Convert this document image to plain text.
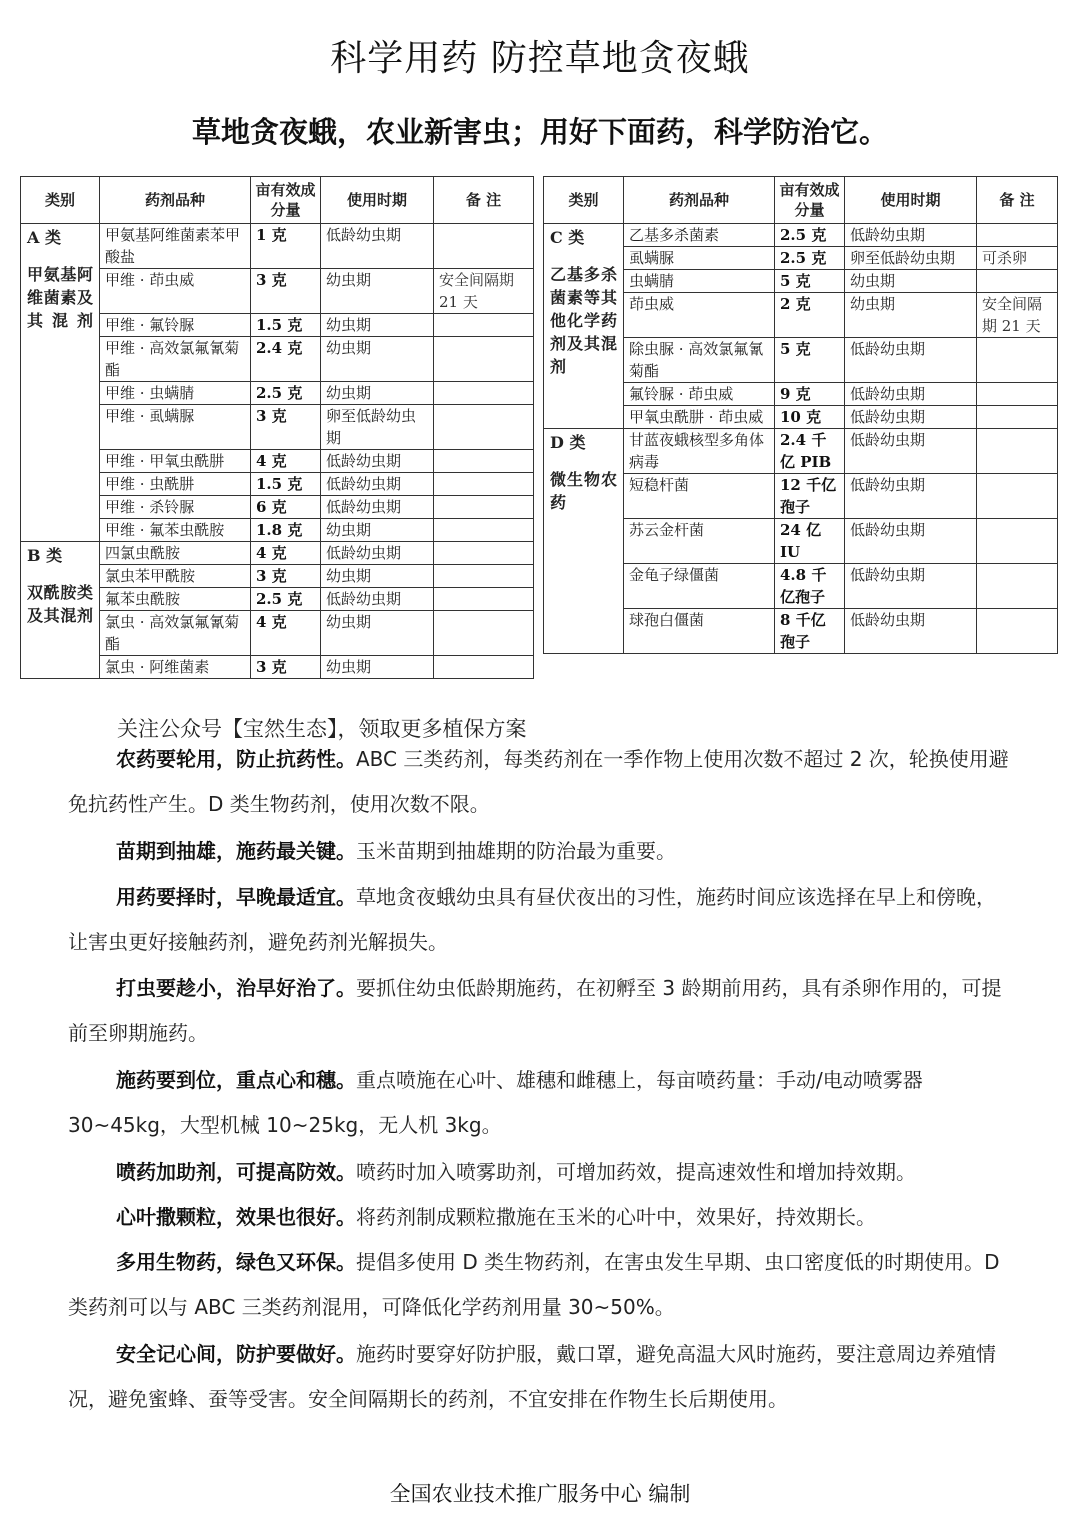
科学用药 防控草地贪夜蛾
草地贪夜蛾，农业新害虫；用好下面药，科学防治它。
类别	药剂品种	亩有效成分量	使用时期	备 注

A 类
甲氨基阿维菌素及其混剂	甲氨基阿维菌素苯甲酸盐	1 克	低龄幼虫期	
	甲维 · 茚虫威	3 克	幼虫期	安全间隔期 21 天
	甲维 · 氟铃脲	1.5 克	幼虫期	
	甲维 · 高效氯氟氰菊酯	2.4 克	幼虫期	
	甲维 · 虫螨腈	2.5 克	幼虫期	
	甲维 · 虱螨脲	3 克	卵至低龄幼虫期	
	甲维 · 甲氧虫酰肼	4 克	低龄幼虫期	
	甲维 · 虫酰肼	1.5 克	低龄幼虫期	
	甲维 · 杀铃脲	6 克	低龄幼虫期	
	甲维 · 氟苯虫酰胺	1.8 克	幼虫期	

B 类
双酰胺类及其混剂	四氯虫酰胺	4 克	低龄幼虫期	
	氯虫苯甲酰胺	3 克	幼虫期	
	氟苯虫酰胺	2.5 克	低龄幼虫期	
	氯虫 · 高效氯氟氰菊酯	4 克	幼虫期	
	氯虫 · 阿维菌素	3 克	幼虫期	
类别	药剂品种	亩有效成分量	使用时期	备 注

C 类
乙基多杀菌素等其他化学药剂及其混剂	乙基多杀菌素	2.5 克	低龄幼虫期	
	虱螨脲	2.5 克	卵至低龄幼虫期	可杀卵
	虫螨腈	5 克	幼虫期	
	茚虫威	2 克	幼虫期	安全间隔期 21 天
	除虫脲 · 高效氯氟氰菊酯	5 克	低龄幼虫期	
	氟铃脲 · 茚虫威	9 克	低龄幼虫期	
	甲氧虫酰肼 · 茚虫威	10 克	低龄幼虫期	

D 类
微生物农药	甘蓝夜蛾核型多角体病毒	2.4 千亿 PIB	低龄幼虫期	
	短稳杆菌	12 千亿孢子	低龄幼虫期	
	苏云金杆菌	24 亿 IU	低龄幼虫期	
	金龟子绿僵菌	4.8 千亿孢子	低龄幼虫期	
	球孢白僵菌	8 千亿孢子	低龄幼虫期	
关注公众号【宝然生态】，领取更多植保方案

农药要轮用，防止抗药性。ABC 三类药剂，每类药剂在一季作物上使用次数不超过 2 次，轮换使用避免抗药性产生。D 类生物药剂，使用次数不限。

苗期到抽雄，施药最关键。玉米苗期到抽雄期的防治最为重要。

用药要择时，早晚最适宜。草地贪夜蛾幼虫具有昼伏夜出的习性，施药时间应该选择在早上和傍晚，让害虫更好接触药剂，避免药剂光解损失。

打虫要趁小，治早好治了。要抓住幼虫低龄期施药，在初孵至 3 龄期前用药，具有杀卵作用的，可提前至卵期施药。

施药要到位，重点心和穗。重点喷施在心叶、雄穗和雌穗上，每亩喷药量：手动/电动喷雾器 30~45kg，大型机械 10~25kg，无人机 3kg。

喷药加助剂，可提高防效。喷药时加入喷雾助剂，可增加药效，提高速效性和增加持效期。

心叶撒颗粒，效果也很好。将药剂制成颗粒撒施在玉米的心叶中，效果好，持效期长。

多用生物药，绿色又环保。提倡多使用 D 类生物药剂，在害虫发生早期、虫口密度低的时期使用。D 类药剂可以与 ABC 三类药剂混用，可降低化学药剂用量 30~50%。

安全记心间，防护要做好。施药时要穿好防护服，戴口罩，避免高温大风时施药，要注意周边养殖情况，避免蜜蜂、蚕等受害。安全间隔期长的药剂，不宜安排在作物生长后期使用。

全国农业技术推广服务中心 编制
